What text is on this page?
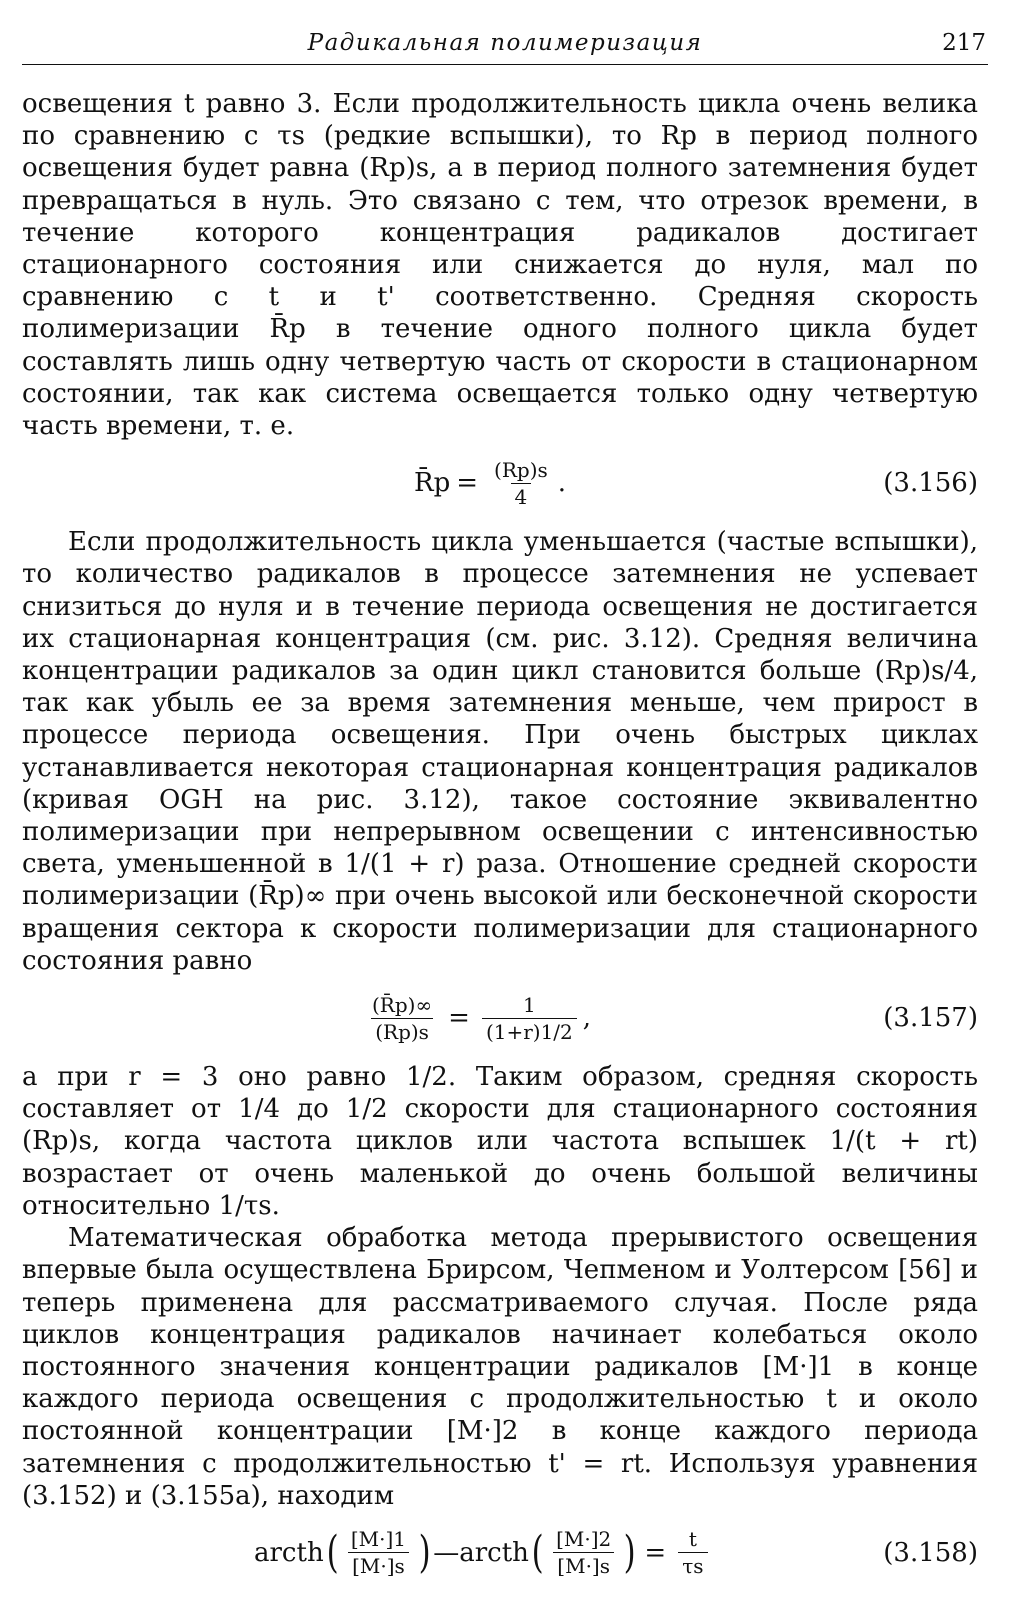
Радикальная полимеризация	217

освещения t равно 3. Если продолжительность цикла очень велика по сравнению с τs (редкие вспышки), то Rp в период полного освещения будет равна (Rp)s, а в период полного затемнения будет превращаться в нуль. Это связано с тем, что отрезок времени, в течение которого концентрация радикалов достигает стационарного состояния или снижается до нуля, мал по сравнению с t и t' соответственно. Средняя скорость полимеризации R̄p в течение одного полного цикла будет составлять лишь одну четвертую часть от скорости в стационарном состоянии, так как система освещается только одну четвертую часть времени, т. е.

R̄p = $\frac{(Rp)s}{4}$ .	(3.156)

Если продолжительность цикла уменьшается (частые вспышки), то количество радикалов в процессе затемнения не успевает снизиться до нуля и в течение периода освещения не достигается их стационарная концентрация (см. рис. 3.12). Средняя величина концентрации радикалов за один цикл становится больше (Rp)s/4, так как убыль ее за время затемнения меньше, чем прирост в процессе периода освещения. При очень быстрых циклах устанавливается некоторая стационарная концентрация радикалов (кривая OGH на рис. 3.12), такое состояние эквивалентно полимеризации при непрерывном освещении с интенсивностью света, уменьшенной в 1/(1 + r) раза. Отношение средней скорости полимеризации (R̄p)∞ при очень высокой или бесконечной скорости вращения сектора к скорости полимеризации для стационарного состояния равно

$\frac{(R̄p)\infty}{(Rp)s} = \frac{1}{(1+r)1/2}$ ,	(3.157)

а при r = 3 оно равно 1/2. Таким образом, средняя скорость составляет от 1/4 до 1/2 скорости для стационарного состояния (Rp)s, когда частота циклов или частота вспышек 1/(t + rt) возрастает от очень маленькой до очень большой величины относительно 1/τs.

Математическая обработка метода прерывистого освещения впервые была осуществлена Брирсом, Чепменом и Уолтерсом [56] и теперь применена для рассматриваемого случая. После ряда циклов концентрация радикалов начинает колебаться около постоянного значения концентрации радикалов [M·]1 в конце каждого периода освещения с продолжительностью t и около постоянной концентрации [M·]2 в конце каждого периода затемнения с продолжительностью t' = rt. Используя уравнения (3.152) и (3.155a), находим

arcth ( $\frac{[M\cdot]1}{[M\cdot]s}$ ) — arcth ( $\frac{[M\cdot]2}{[M\cdot]s}$ ) = $\frac{t}{\tau s}$	(3.158)
